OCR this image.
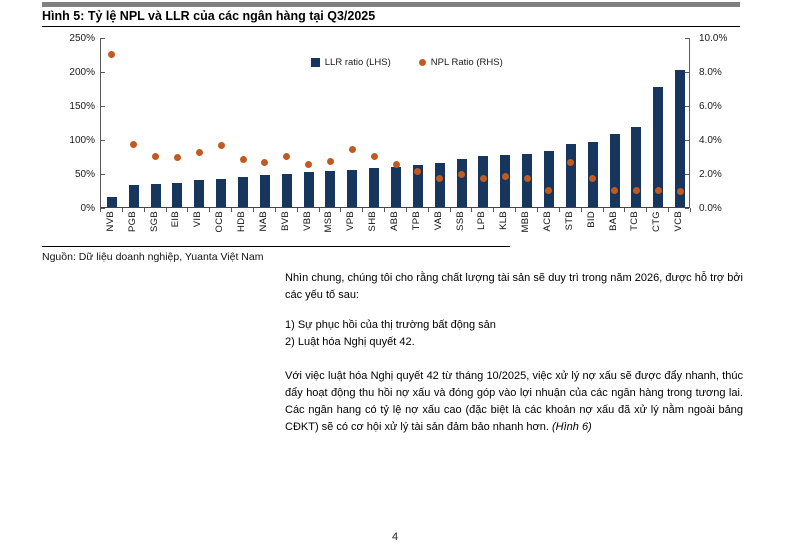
Hình 5: Tỷ lệ NPL và LLR của các ngân hàng tại Q3/2025
LLR ratio (LHS)	NPL Ratio (RHS)
NVB PGB SGB EIB VIB OCB HDB NAB BVB VBB MSB VPB SHB ABB TPB VAB SSB LPB KLB MBB ACB STB BID BAB TCB CTG VCB
0%
50%
100%
150%
200%
250%
0.0%
2.0%
4.0%
6.0%
8.0%
10.0%
Nguồn: Dữ liệu doanh nghiệp, Yuanta Việt Nam

Nhìn chung, chúng tôi cho rằng chất lượng tài sản sẽ duy trì trong năm 2026, được hỗ trợ bởi các yếu tố sau:

1) Sự phục hồi của thị trường bất động sản

2) Luật hóa Nghị quyết 42.

Với việc luật hóa Nghị quyết 42 từ tháng 10/2025, việc xử lý nợ xấu sẽ được đẩy nhanh, thúc đẩy hoạt động thu hồi nợ xấu và đóng góp vào lợi nhuận của các ngân hàng trong tương lai. Các ngân hang có tỷ lệ nợ xấu cao (đặc biệt là các khoản nợ xấu đã xử lý nằm ngoài bảng CĐKT) sẽ có cơ hội xử lý tài sản đảm bảo nhanh hơn. (Hình 6)

4
